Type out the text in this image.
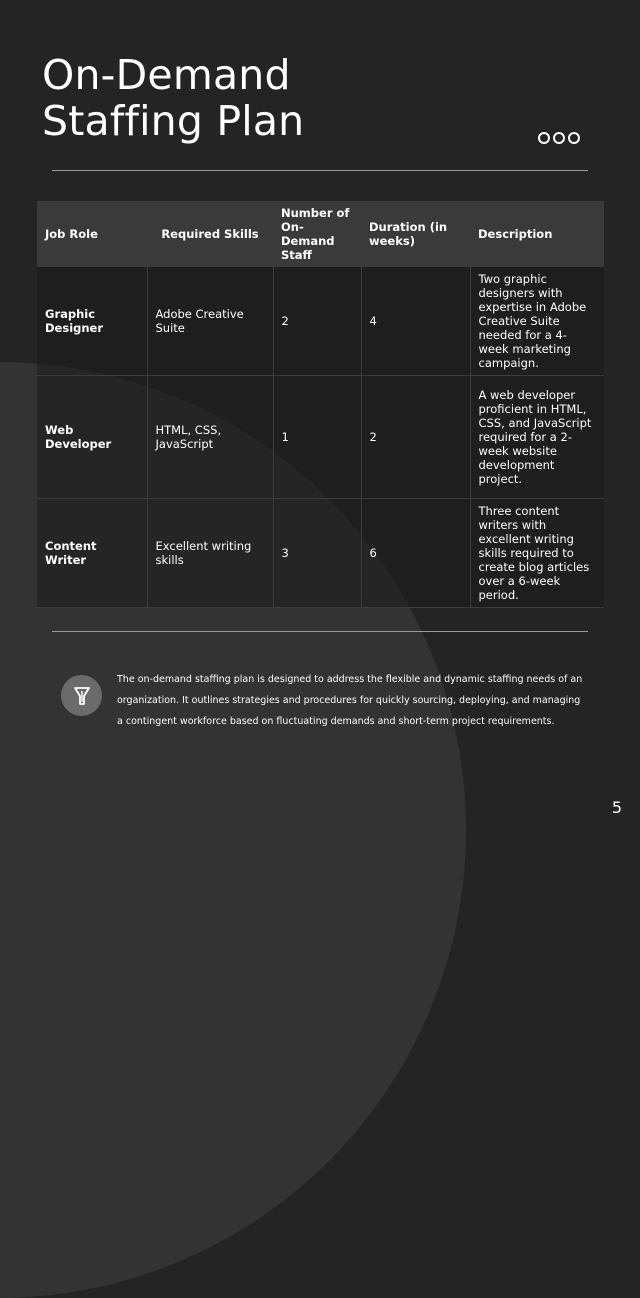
On-Demand
Staffing Plan
Job Role	Required Skills	Number of On-Demand Staff	Duration (in weeks)	Description
Graphic Designer	Adobe Creative Suite	2	4	Two graphic designers with expertise in Adobe Creative Suite needed for a 4-week marketing campaign.
Web Developer	HTML, CSS, JavaScript	1	2	A web developer proficient in HTML, CSS, and JavaScript required for a 2-week website development project.
Content Writer	Excellent writing skills	3	6	Three content writers with excellent writing skills required to create blog articles over a 6-week period.

The on-demand staffing plan is designed to address the flexible and dynamic staffing needs of an organization. It outlines strategies and procedures for quickly sourcing, deploying, and managing a contingent workforce based on fluctuating demands and short-term project requirements.

5
